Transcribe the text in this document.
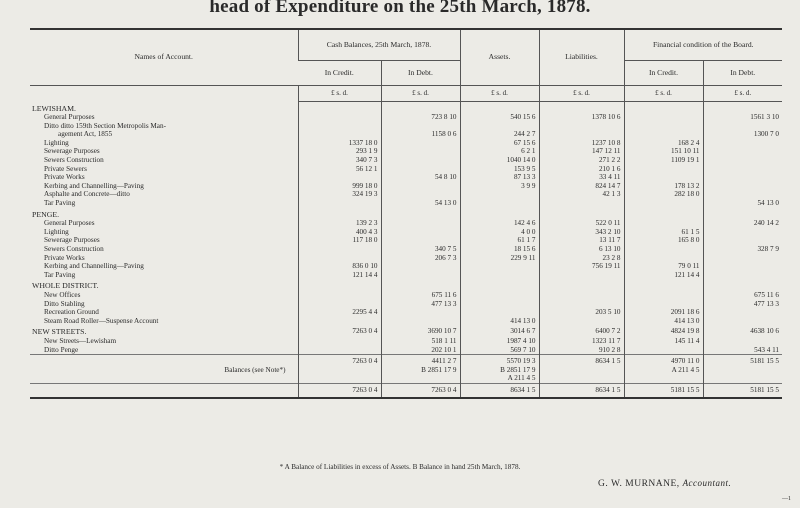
head of Expenditure on the 25th March, 1878.
Names of Account.	Cash Balances, 25th March, 1878.		Assets.	Liabilities.	Financial condition of the Board.	
	In Credit.	In Debt.			In Credit.	In Debt.
	£ s. d.	£ s. d.	£ s. d.	£ s. d.	£ s. d.	£ s. d.
LEWISHAM.						
General Purposes		723 8 10	540 15 6	1378 10 6		1561 3 10
Ditto ditto 159th Section Metropolis Man-						
agement Act, 1855		1158 0 6	244 2 7			1300 7 0
Lighting	1337 18 0		67 15 6	1237 10 8	168 2 4	
Sewerage Purposes	293 1 9		6 2 1	147 12 11	151 10 11	
Sewers Construction	340 7 3		1040 14 0	271 2 2	1109 19 1	
Private Sewers	56 12 1		153 9 5	210 1 6		
Private Works		54 8 10	87 13 3	33 4 11		
Kerbing and Channelling—Paving	999 18 0		3 9 9	824 14 7	178 13 2	
Asphalte and Concrete—ditto	324 19 3			42 1 3	282 18 0	
Tar Paving		54 13 0				54 13 0
PENGE.						
General Purposes	139 2 3		142 4 6	522 0 11		240 14 2
Lighting	400 4 3		4 0 0	343 2 10	61 1 5	
Sewerage Purposes	117 18 0		61 1 7	13 11 7	165 8 0	
Sewers Construction		340 7 5	18 15 6	6 13 10		328 7 9
Private Works		206 7 3	229 9 11	23 2 8		
Kerbing and Channelling—Paving	836 0 10			756 19 11	79 0 11	
Tar Paving	121 14 4				121 14 4	
WHOLE DISTRICT.						
New Offices		675 11 6				675 11 6
Ditto Stabling		477 13 3				477 13 3
Recreation Ground	2295 4 4			203 5 10	2091 18 6	
Steam Road Roller—Suspense Account			414 13 0		414 13 0	
NEW STREETS.	7263 0 4	3690 10 7	3014 6 7	6400 7 2	4824 19 8	4638 10 6
New Streets—Lewisham		518 1 11	1987 4 10	1323 11 7	145 11 4	
Ditto Penge		202 10 1	569 7 10	910 2 8		543 4 11
	7263 0 4	4411 2 7	5570 19 3	8634 1 5	4970 11 0	5181 15 5
Balances (see Note*)		B 2851 17 9	B 2851 17 9		A 211 4 5	
			A 211 4 5			
	7263 0 4	7263 0 4	8634 1 5	8634 1 5	5181 15 5	5181 15 5
* A Balance of Liabilities in excess of Assets. B Balance in hand 25th March, 1878.
G. W. MURNANE, Accountant.
—1
